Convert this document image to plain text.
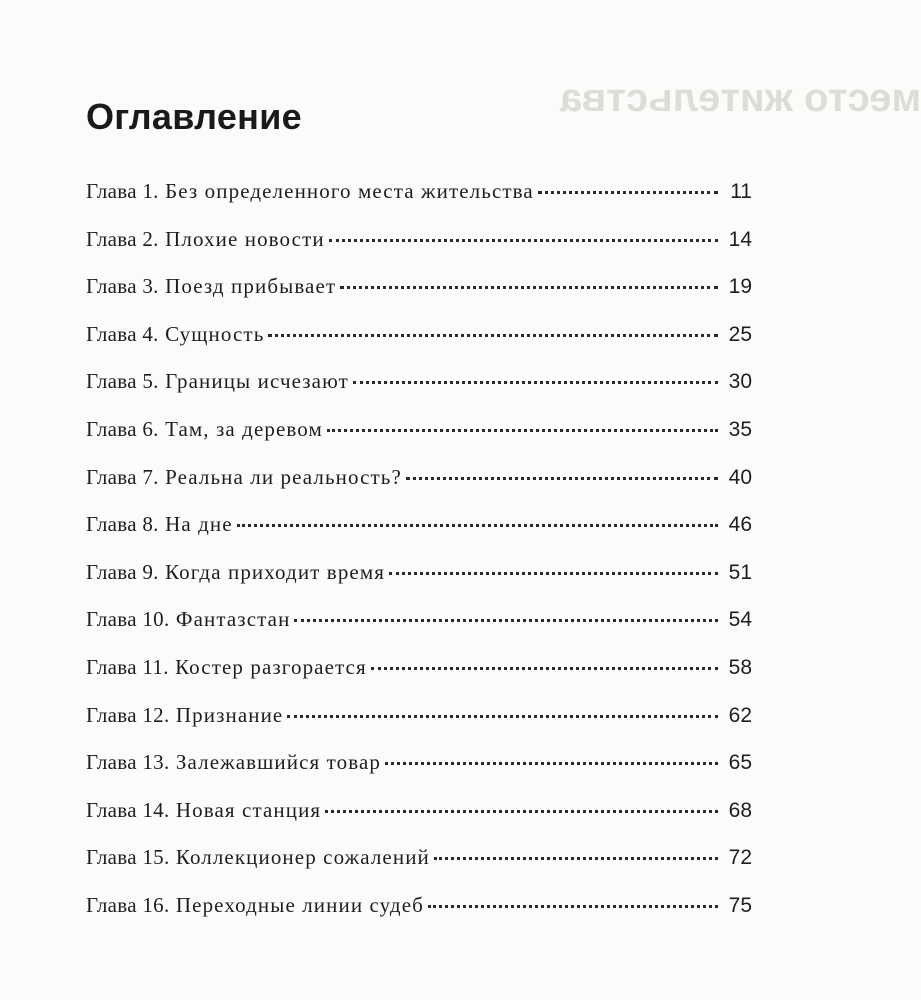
место жительства
Оглавление
Глава 1. Без определенного места жительства	11
Глава 2. Плохие новости	14
Глава 3. Поезд прибывает	19
Глава 4. Сущность	25
Глава 5. Границы исчезают	30
Глава 6. Там, за деревом	35
Глава 7. Реальна ли реальность?	40
Глава 8. На дне	46
Глава 9. Когда приходит время	51
Глава 10. Фантазстан	54
Глава 11. Костер разгорается	58
Глава 12. Признание	62
Глава 13. Залежавшийся товар	65
Глава 14. Новая станция	68
Глава 15. Коллекционер сожалений	72
Глава 16. Переходные линии судеб	75
